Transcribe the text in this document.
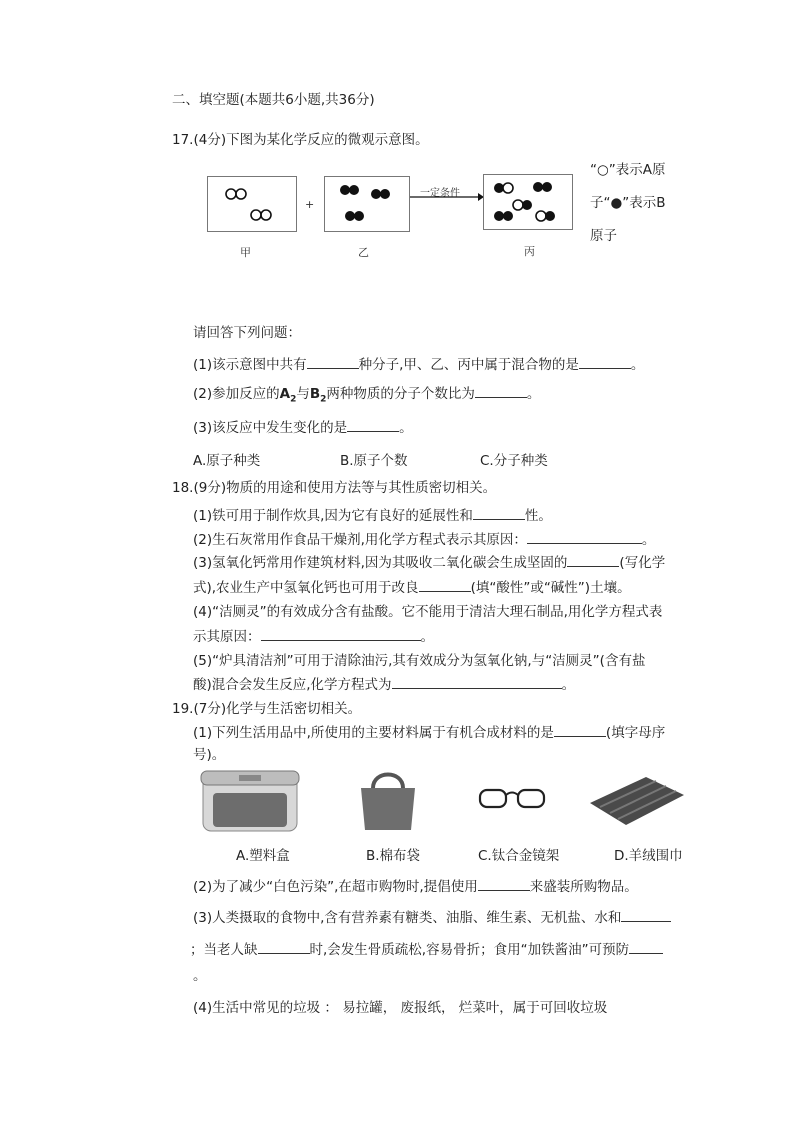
二、填空题(本题共6小题,共36分)
17.(4分)下图为某化学反应的微观示意图。
+
一定条件
甲	乙	丙
“○”表示A原
子“●”表示B
原子
请回答下列问题：
(1)该示意图中共有	种分子,甲、乙、丙中属于混合物的是	。
(2)参加反应的$A_2$与$B_2$两种物质的分子个数比为	。
(3)该反应中发生变化的是	。
A.原子种类	B.原子个数	C.分子种类
18.(9分)物质的用途和使用方法等与其性质密切相关。
(1)铁可用于制作炊具,因为它有良好的延展性和	性。
(2)生石灰常用作食品干燥剂,用化学方程式表示其原因：	。
(3)氢氧化钙常用作建筑材料,因为其吸收二氧化碳会生成坚固的	(写化学
式),农业生产中氢氧化钙也可用于改良	(填“酸性”或“碱性”)土壤。
(4)“洁厕灵”的有效成分含有盐酸。它不能用于清洁大理石制品,用化学方程式表
示其原因：	。
(5)“炉具清洁剂”可用于清除油污,其有效成分为氢氧化钠,与“洁厕灵”(含有盐
酸)混合会发生反应,化学方程式为	。
19.(7分)化学与生活密切相关。
(1)下列生活用品中,所使用的主要材料属于有机合成材料的是	(填字母序
号)。
A.塑料盒	B.棉布袋	C.钛合金镜架	D.羊绒围巾
(2)为了减少“白色污染”,在超市购物时,提倡使用	来盛装所购物品。
(3)人类摄取的食物中,含有营养素有糖类、油脂、维生素、无机盐、水和
；当老人缺	时,会发生骨质疏松,容易骨折；食用“加铁酱油”可预防
。
(4)生活中常见的垃圾 ： 易拉罐， 废报纸， 烂菜叶，属于可回收垃圾
